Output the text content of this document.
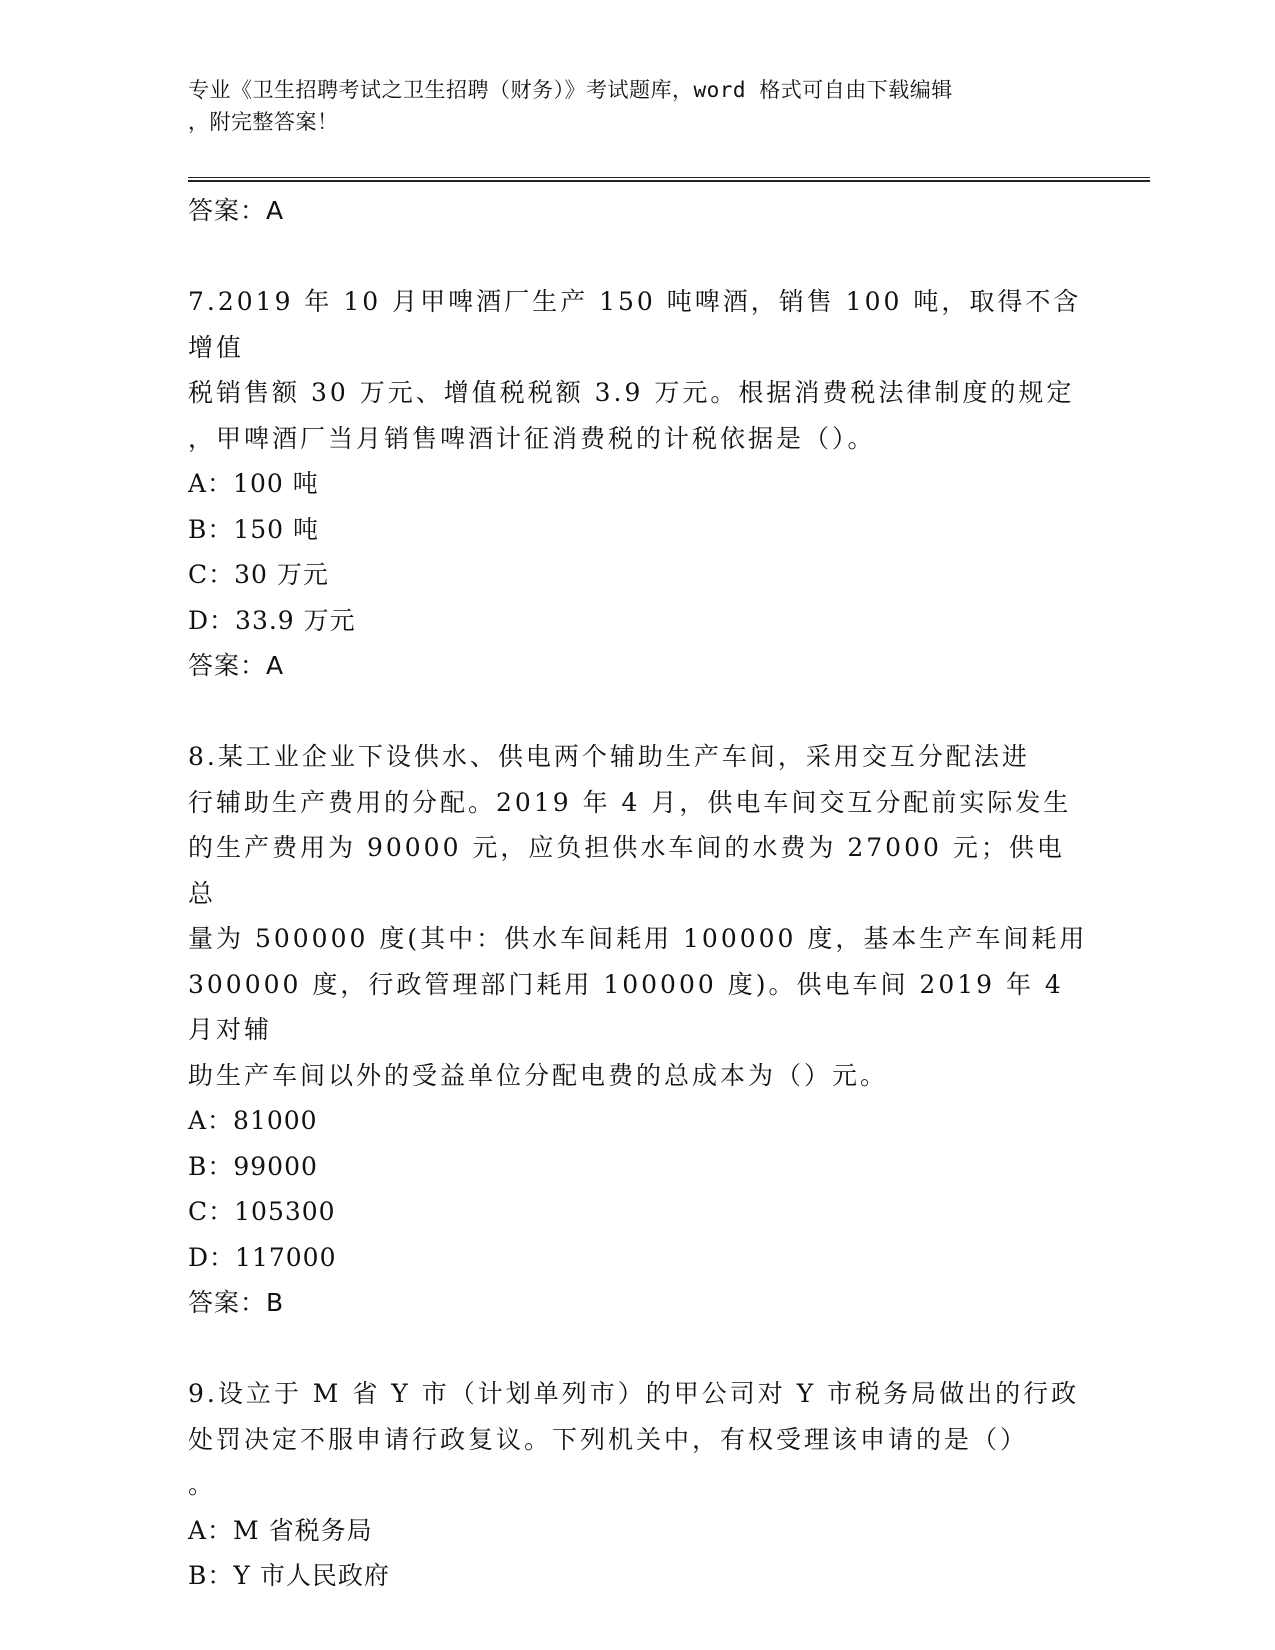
专业《卫生招聘考试之卫生招聘（财务）》考试题库，word 格式可自由下载编辑
，附完整答案！

答案：A

7.2019 年 10 月甲啤酒厂生产 150 吨啤酒，销售 100 吨，取得不含增值

税销售额 30 万元、增值税税额 3.9 万元。根据消费税法律制度的规定

，甲啤酒厂当月销售啤酒计征消费税的计税依据是（）。

A：100 吨

B：150 吨

C：30 万元

D：33.9 万元

答案：A

8.某工业企业下设供水、供电两个辅助生产车间，采用交互分配法进

行辅助生产费用的分配。2019 年 4 月，供电车间交互分配前实际发生

的生产费用为 90000 元，应负担供水车间的水费为 27000 元；供电总

量为 500000 度(其中：供水车间耗用 100000 度，基本生产车间耗用

300000 度，行政管理部门耗用 100000 度)。供电车间 2019 年 4 月对辅

助生产车间以外的受益单位分配电费的总成本为（）元。

A：81000

B：99000

C：105300

D：117000

答案：B

9.设立于 M 省 Y 市（计划单列市）的甲公司对 Y 市税务局做出的行政

处罚决定不服申请行政复议。下列机关中，有权受理该申请的是（）

。

A：M 省税务局

B：Y 市人民政府
